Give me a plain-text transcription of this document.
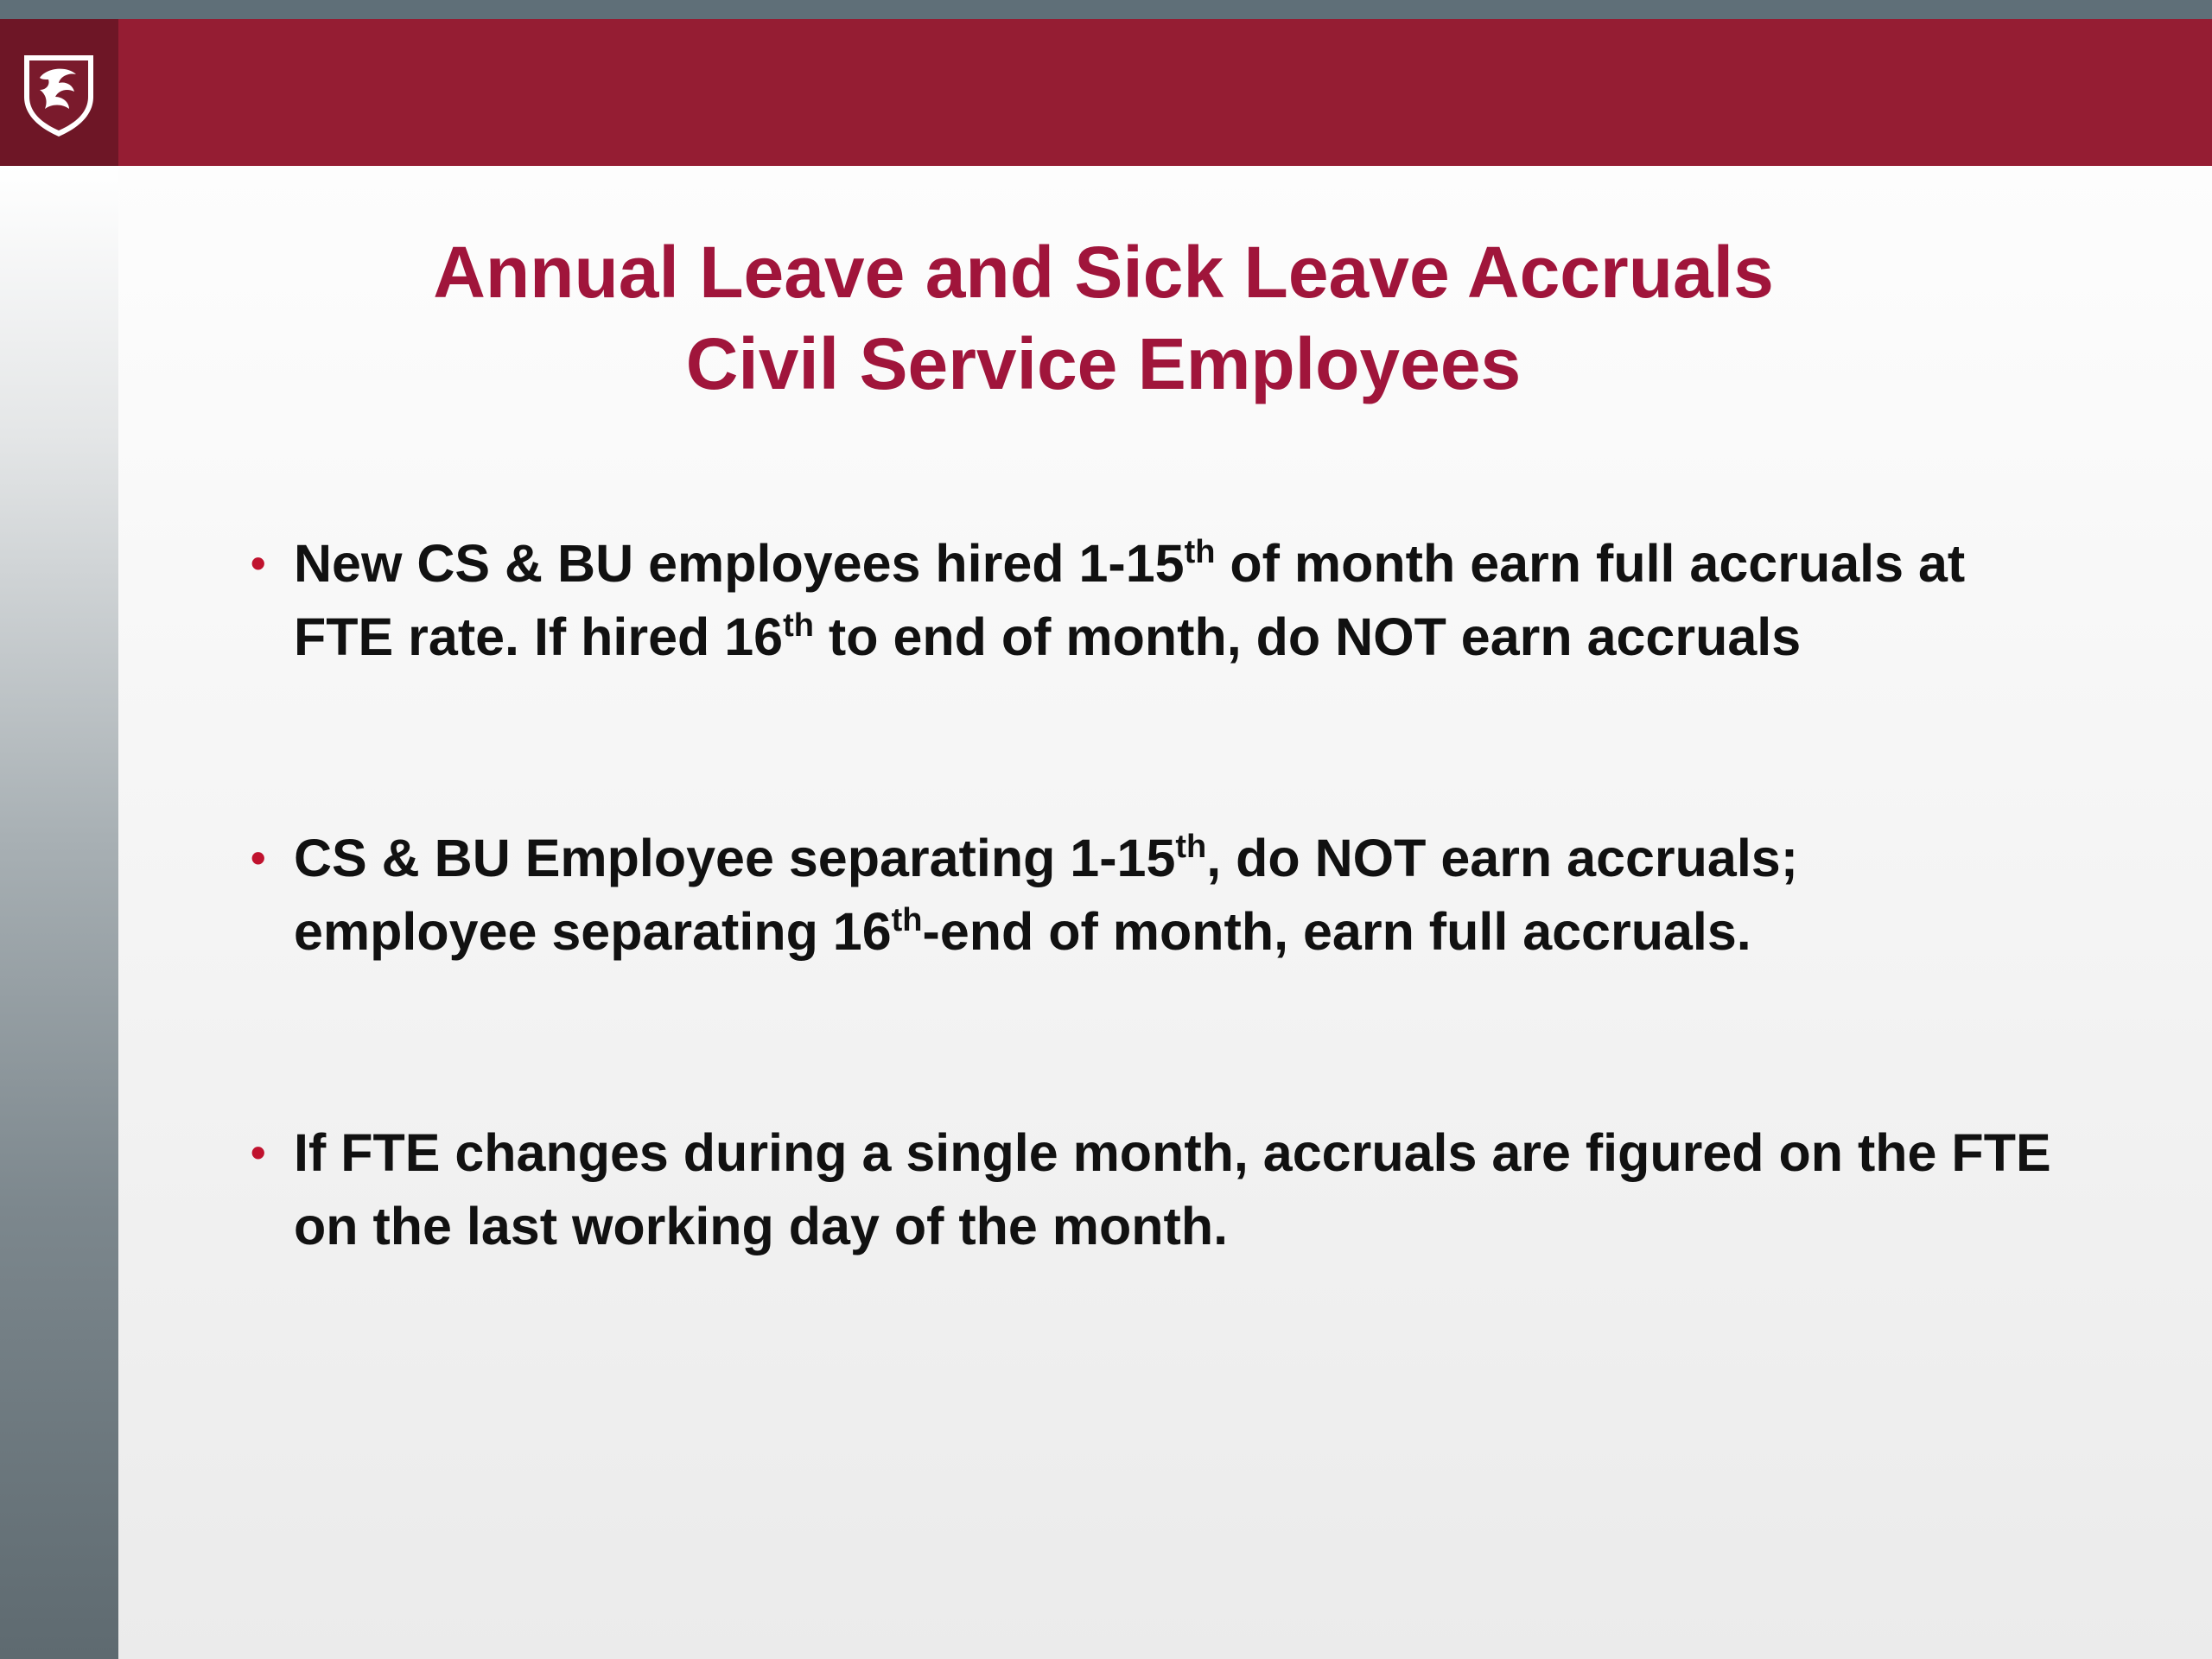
Annual Leave and Sick Leave Accruals
Civil Service Employees
• New CS & BU employees hired 1-15th of month earn full accruals at
FTE rate. If hired 16th to end of month, do NOT earn accruals
• CS & BU Employee separating 1-15th, do NOT earn accruals;
employee separating 16th-end of month, earn full accruals.
• If FTE changes during a single month, accruals are figured on the FTE
on the last working day of the month.
